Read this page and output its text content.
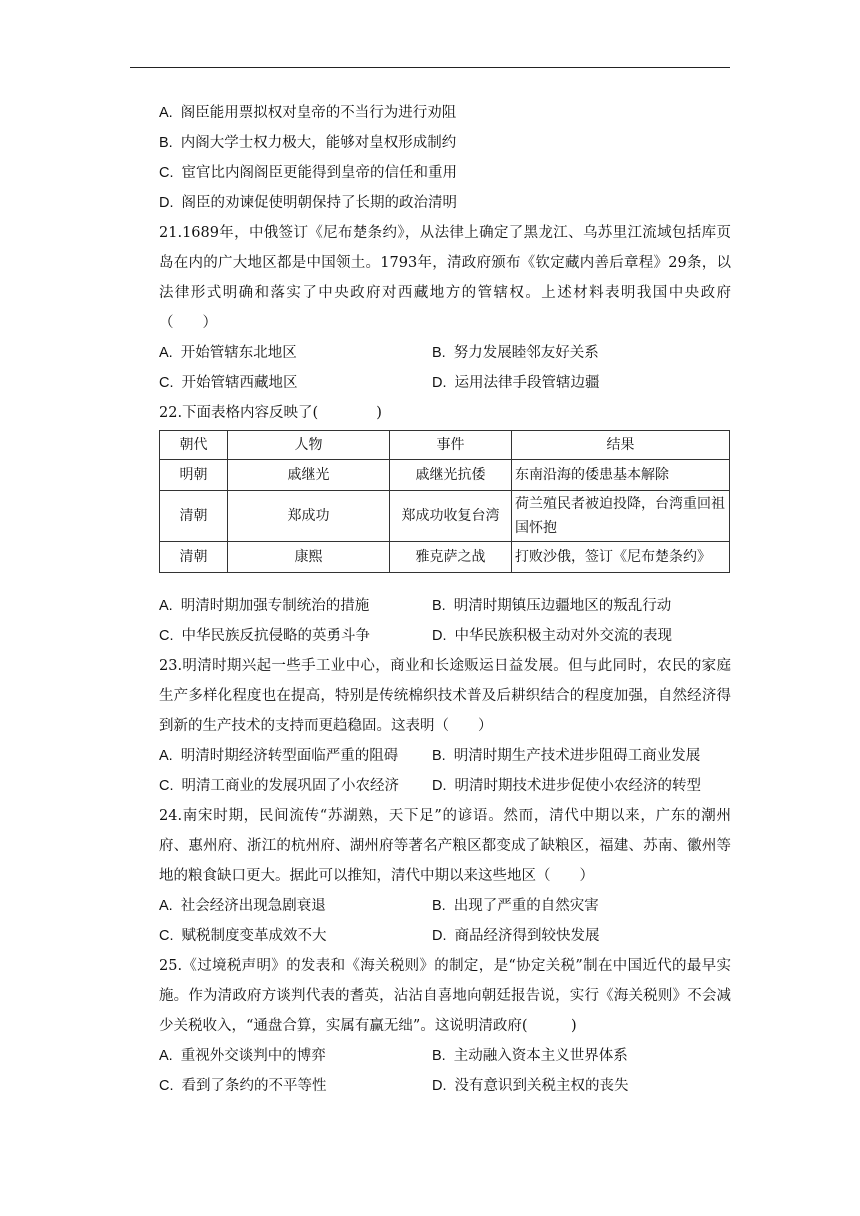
A. 阁臣能用票拟权对皇帝的不当行为进行劝阻
B. 内阁大学士权力极大，能够对皇权形成制约
C. 宦官比内阁阁臣更能得到皇帝的信任和重用
D. 阁臣的劝谏促使明朝保持了长期的政治清明
21.1689年，中俄签订《尼布楚条约》，从法律上确定了黑龙江、乌苏里江流域包括库页岛在内的广大地区都是中国领土。1793年，清政府颁布《钦定藏内善后章程》29条，以法律形式明确和落实了中央政府对西藏地方的管辖权。上述材料表明我国中央政府（　　）
A. 开始管辖东北地区	B. 努力发展睦邻友好关系
C. 开始管辖西藏地区	D. 运用法律手段管辖边疆
22.下面表格内容反映了(　　　　)
朝代	人物	事件	结果
明朝	戚继光	戚继光抗倭	东南沿海的倭患基本解除
清朝	郑成功	郑成功收复台湾	荷兰殖民者被迫投降，台湾重回祖国怀抱
清朝	康熙	雅克萨之战	打败沙俄，签订《尼布楚条约》
A. 明清时期加强专制统治的措施	B. 明清时期镇压边疆地区的叛乱行动
C. 中华民族反抗侵略的英勇斗争	D. 中华民族积极主动对外交流的表现
23.明清时期兴起一些手工业中心，商业和长途贩运日益发展。但与此同时，农民的家庭生产多样化程度也在提高，特别是传统棉织技术普及后耕织结合的程度加强，自然经济得到新的生产技术的支持而更趋稳固。这表明（　　）
A. 明清时期经济转型面临严重的阻碍	B. 明清时期生产技术进步阻碍工商业发展
C. 明清工商业的发展巩固了小农经济	D. 明清时期技术进步促使小农经济的转型
24.南宋时期，民间流传“苏湖熟，天下足”的谚语。然而，清代中期以来，广东的潮州府、惠州府、浙江的杭州府、湖州府等著名产粮区都变成了缺粮区，福建、苏南、徽州等地的粮食缺口更大。据此可以推知，清代中期以来这些地区（　　）
A. 社会经济出现急剧衰退	B. 出现了严重的自然灾害
C. 赋税制度变革成效不大	D. 商品经济得到较快发展
25.《过境税声明》的发表和《海关税则》的制定，是“协定关税”制在中国近代的最早实施。作为清政府方谈判代表的耆英，沾沾自喜地向朝廷报告说，实行《海关税则》不会减少关税收入，“通盘合算，实属有赢无绌”。这说明清政府(　　　)
A. 重视外交谈判中的博弈	B. 主动融入资本主义世界体系
C. 看到了条约的不平等性	D. 没有意识到关税主权的丧失
